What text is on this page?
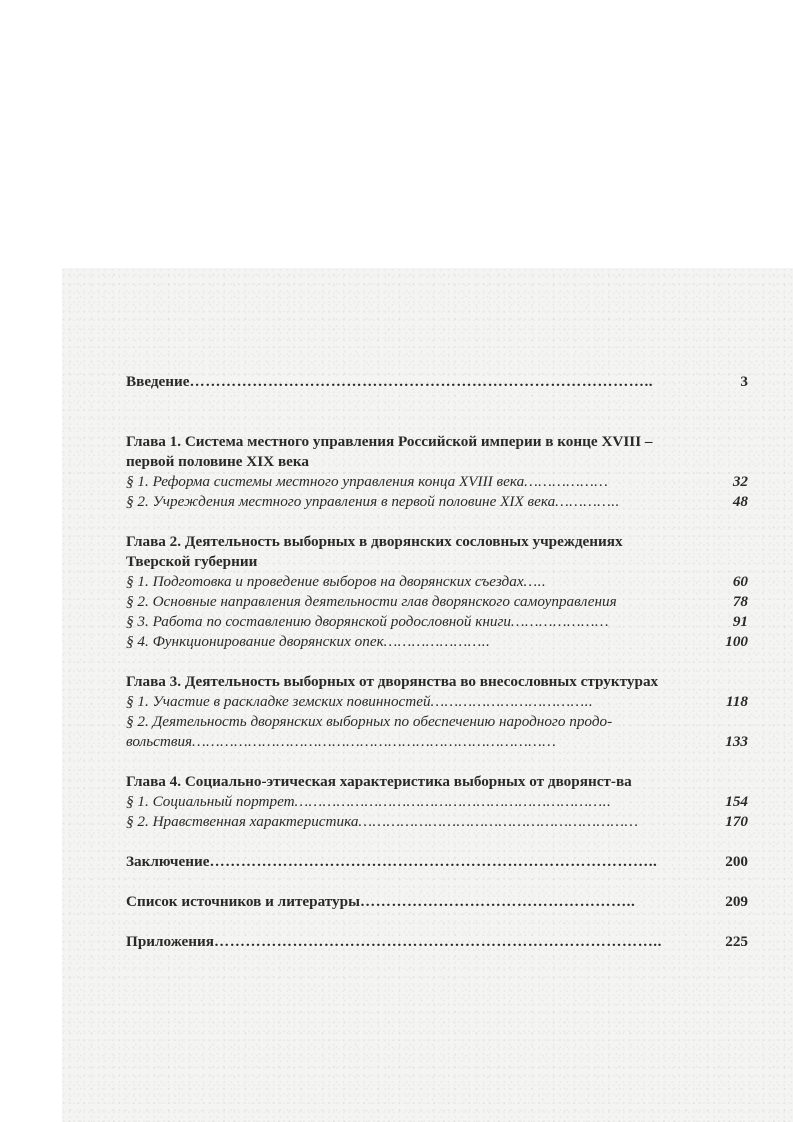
Введение ……………………………………………………………………………..	3
Глава 1. Система местного управления Российской империи в конце XVIII – первой половине XIX века
§ 1. Реформа системы местного управления конца XVIII века ………………	32
§ 2. Учреждения местного управления в первой половине XIX века …………..	48
Глава 2. Деятельность выборных в дворянских сословных учреждениях Тверской губернии
§ 1. Подготовка и проведение выборов на дворянских съездах …..	60
§ 2. Основные направления деятельности глав дворянского самоуправления	78
§ 3. Работа по составлению дворянской родословной книги …………………	91
§ 4. Функционирование дворянских опек …………………..	100
Глава 3. Деятельность выборных от дворянства во внесословных структурах
§ 1. Участие в раскладке земских повинностей ……………………………..	118
§ 2. Деятельность дворянских выборных по обеспечению народного продо-
вольствия ……………………………………………………………………	133
Глава 4. Социально-этическая характеристика выборных от дворянст-ва
§ 1. Социальный портрет …………………………………………………………..	154
§ 2. Нравственная характеристика ……………………………………………………	170
Заключение …………………………………………………………………………..	200
Список источников и литературы ……………………………………………..	209
Приложения …………………………………………………………………………..	225
